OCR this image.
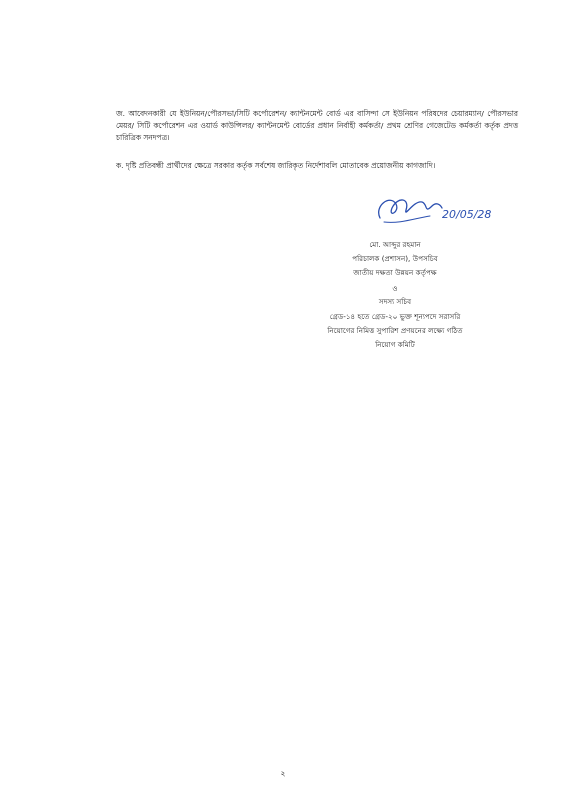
জ. আবেদনকারী যে ইউনিয়ন/পৌরসভা/সিটি কর্পোরেশন/ ক্যান্টনমেন্ট বোর্ড এর বাসিন্দা সে ইউনিয়ন পরিষদের চেয়ারম্যান/ পৌরসভার মেয়র/ সিটি কর্পোরেশন এর ওয়ার্ড কাউন্সিলর/ ক্যান্টনমেন্ট বোর্ডের প্রধান নির্বাহী কর্মকর্তা/ প্রথম শ্রেণির গেজেটেড কর্মকর্তা কর্তৃক প্রদত্ত চারিত্রিক সনদপত্র।
ক. দৃষ্টি প্রতিবন্ধী প্রার্থীদের ক্ষেত্রে সরকার কর্তৃক সর্বশেষ জারিকৃত নির্দেশাবলি মোতাবেক প্রয়োজনীয় কাগজাদি।
20/05/28
মো. আব্দুর রহমান
পরিচালক (প্রশাসন), উপসচিব
জাতীয় দক্ষতা উন্নয়ন কর্তৃপক্ষ
ও
সদস্য সচিব
গ্রেড-১৪ হতে গ্রেড-২০ ভুক্ত শূন্যপদে সরাসরি
নিয়োগের নিমিত্ত সুপারিশ প্রণয়নের লক্ষ্যে গঠিত
নিয়োগ কমিটি
২
